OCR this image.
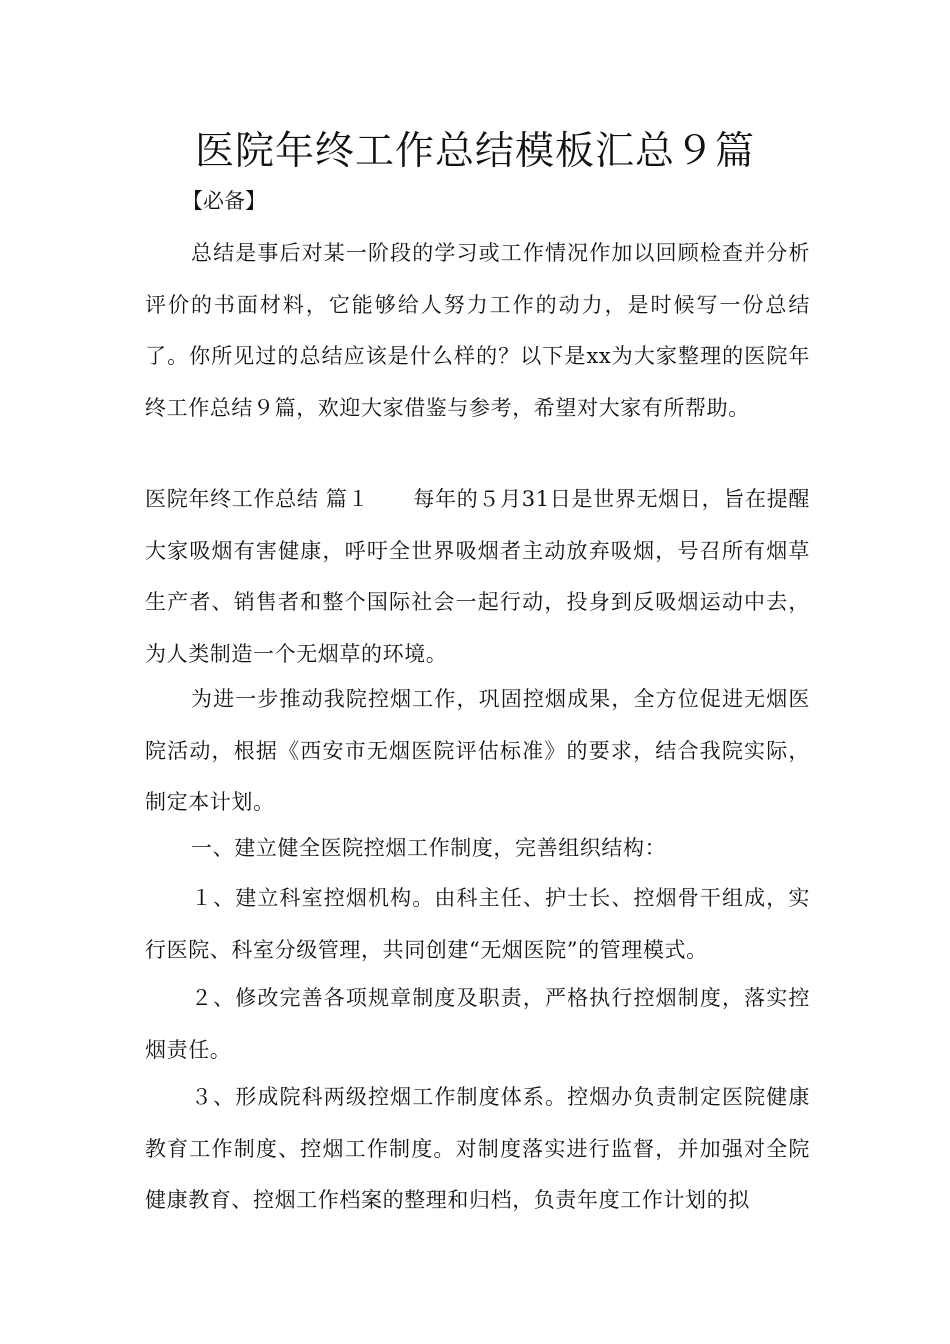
医院年终工作总结模板汇总９篇

【必备】

总结是事后对某一阶段的学习或工作情况作加以回顾检查并分析评价的书面材料，它能够给人努力工作的动力，是时候写一份总结了。你所见过的总结应该是什么样的？以下是xx为大家整理的医院年终工作总结９篇，欢迎大家借鉴与参考，希望对大家有所帮助。

医院年终工作总结 篇１ 每年的５月31日是世界无烟日，旨在提醒大家吸烟有害健康，呼吁全世界吸烟者主动放弃吸烟，号召所有烟草生产者、销售者和整个国际社会一起行动，投身到反吸烟运动中去，为人类制造一个无烟草的环境。

为进一步推动我院控烟工作，巩固控烟成果，全方位促进无烟医院活动，根据《西安市无烟医院评估标准》的要求，结合我院实际，制定本计划。

一、建立健全医院控烟工作制度，完善组织结构：

１、建立科室控烟机构。由科主任、护士长、控烟骨干组成，实行医院、科室分级管理，共同创建“无烟医院”的管理模式。

２、修改完善各项规章制度及职责，严格执行控烟制度，落实控烟责任。

３、形成院科两级控烟工作制度体系。控烟办负责制定医院健康教育工作制度、控烟工作制度。对制度落实进行监督，并加强对全院健康教育、控烟工作档案的整理和归档，负责年度工作计划的拟
